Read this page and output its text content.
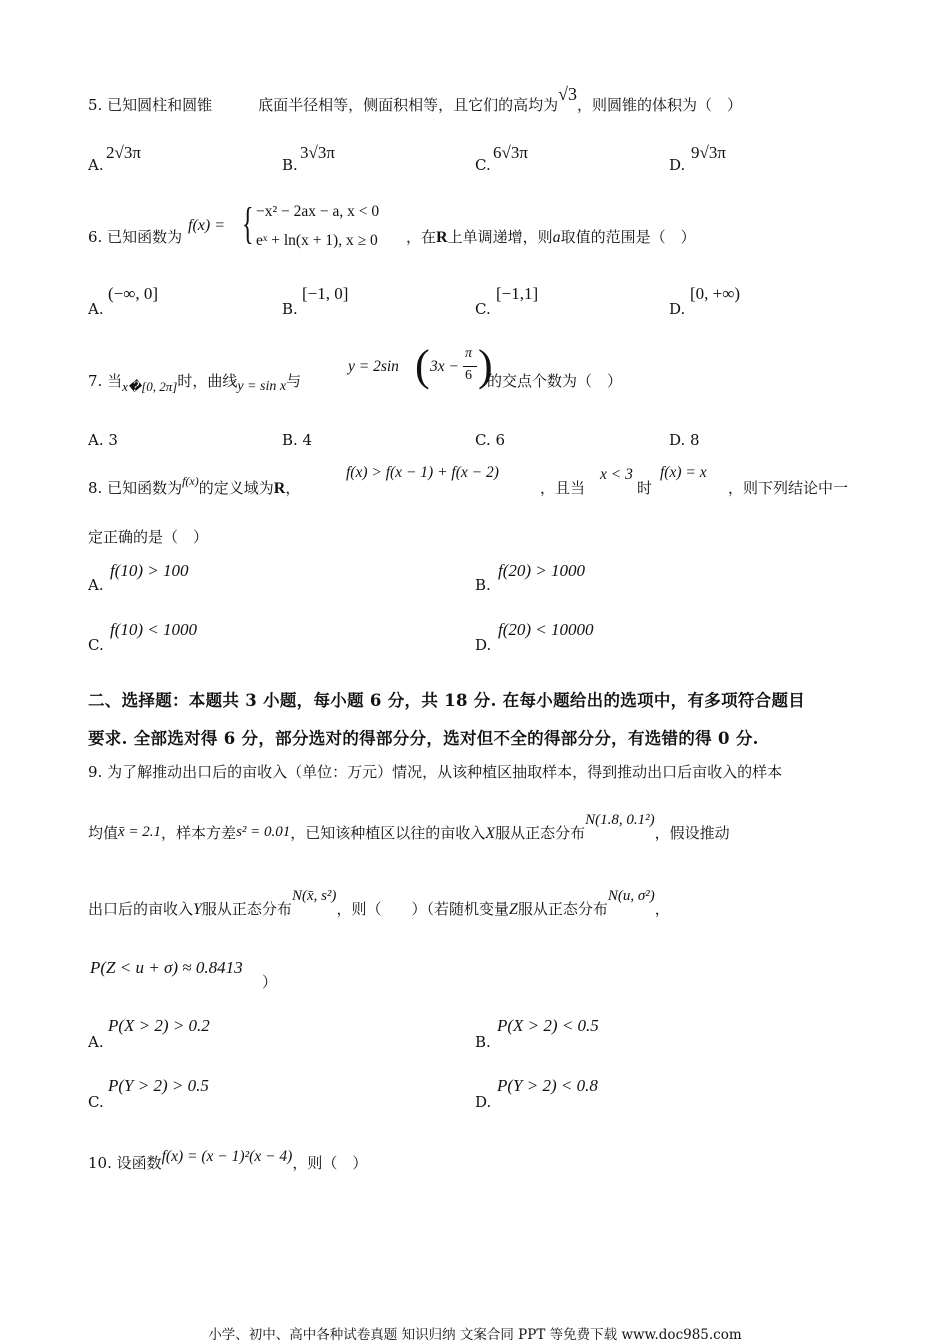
5. 已知圆柱和圆锥	底面半径相等，侧面积相等，且它们的高均为√3，则圆锥的体积为（　）
A.
2√3π
B.
3√3π
C.
6√3π
D.
9√3π
6. 已知函数为
f(x) = { −x² − 2ax − a, x < 0
eˣ + ln(x + 1), x ≥ 0 ，在R上单调递增，则a取值的范围是（　）
A.
(−∞, 0]
B.
[−1, 0]
C.
[−1,1]
D.
[0, +∞)
7. 当x�[0, 2π]时，曲线y = sin x与
y = 2sin ( 3x −
π
6 )
的交点个数为（　）
A. 3	B. 4	C. 6	D. 8
8. 已知函数为$^{f(x)}$的定义域为R，
f(x) > f(x − 1) + f(x − 2)
，且当
x < 3
时
f(x) = x
，则下列结论中一
定正确的是（　）
A.
f(10) > 100
B.
f(20) > 1000
C.
f(10) < 1000
D.
f(20) < 10000
二、选择题：本题共 3 小题，每小题 6 分，共 18 分. 在每小题给出的选项中，有多项符合题目
要求. 全部选对得 6 分，部分选对的得部分分，选对但不全的得部分分，有选错的得 0 分.
9. 为了解推动出口后的亩收入（单位：万元）情况，从该种植区抽取样本，得到推动出口后亩收入的样本
均值x̄ = 2.1，样本方差s² = 0.01，已知该种植区以往的亩收入X服从正态分布N(1.8, 0.1²)，假设推动
出口后的亩收入Y服从正态分布N(x̄, s²)，则（　　）（若随机变量Z服从正态分布N(u, σ²)，
P(Z < u + σ) ≈ 0.8413
）
A.
P(X > 2) > 0.2
B.
P(X > 2) < 0.5
C.
P(Y > 2) > 0.5
D.
P(Y > 2) < 0.8
10. 设函数f(x) = (x − 1)²(x − 4)，则（　）
小学、初中、高中各种试卷真题 知识归纳 文案合同 PPT 等免费下载 www.doc985.com
